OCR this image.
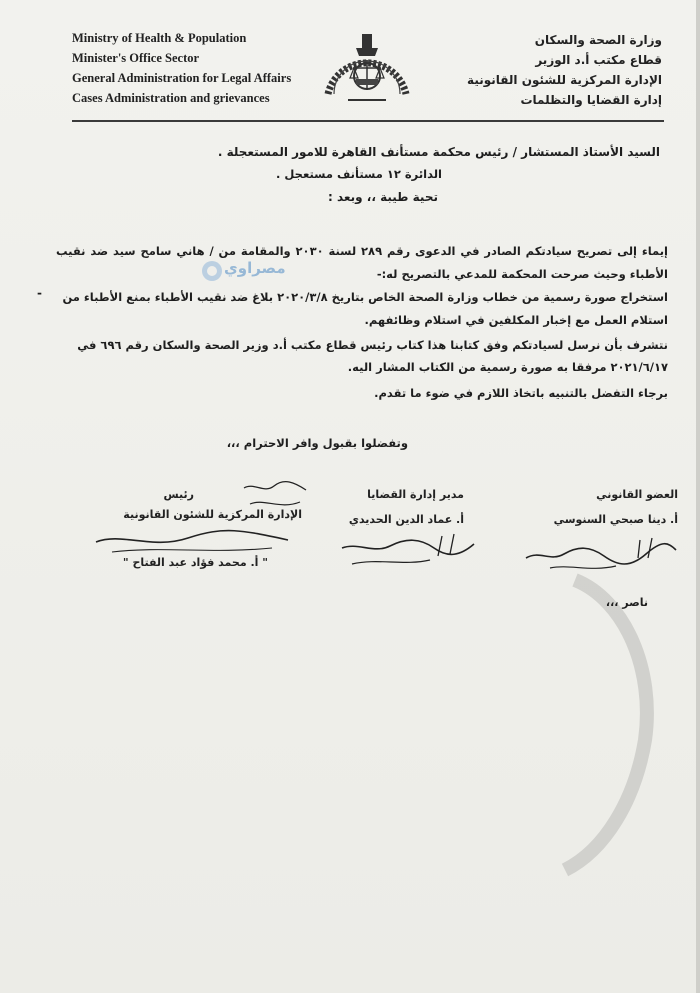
Ministry of Health & Population
Minister's Office Sector
General Administration for Legal Affairs
Cases Administration and grievances
وزارة الصحة والسكان
قطاع مكتب أ.د الوزير
الإدارة المركزية للشئون القانونية
إدارة القضايا والتظلمات
السيد الأستاذ المستشار / رئيس محكمة مستأنف القاهرة للامور المستعجلة .
الدائرة ١٢ مستأنف مستعجل .
تحية طيبة ،، وبعد :
إيماء إلى تصريح سيادتكم الصادر في الدعوى رقم ٢٨٩ لسنة ٢٠٣٠ والمقامة من / هاني سامح سيد ضد نقيب الأطباء وحيث صرحت المحكمة للمدعي بالتصريح له:-
استخراج صورة رسمية من خطاب وزارة الصحة الخاص بتاريخ ٢٠٢٠/٣/٨ بلاغ ضد نقيب الأطباء بمنع الأطباء من استلام العمل مع إخبار المكلفين في استلام وظائفهم.
-
نتشرف بأن نرسل لسيادتكم وفق كتابنا هذا كتاب رئيس قطاع مكتب أ.د وزير الصحة والسكان رقم ٦٩٦ في ٢٠٢١/٦/١٧ مرفقا به صورة رسمية من الكتاب المشار اليه.
برجاء التفضل بالتنبيه باتخاذ اللازم في ضوء ما تقدم.
وتفضلوا بقبول وافر الاحترام ،،،
مصراوي
العضو القانوني
أ. دينا صبحي السنوسي
مدير إدارة القضايا
أ. عماد الدين الحديدي
رئيس
الإدارة المركزية للشئون القانونية
" أ. محمد فؤاد عبد الفتاح "
ناصر ،،،
